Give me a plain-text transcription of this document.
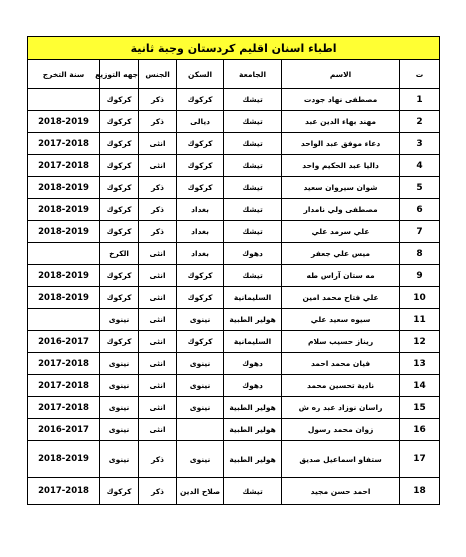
اطباء اسنان اقليم كردستان وجبة ثانية						
ت	الاسم	الجامعة	السكن	الجنس	جهه التوزيع	سنة التخرج
1	مصطفى نهاد جودت	تيشك	كركوك	ذكر	كركوك	
2	مهند بهاء الدين عبد	تيشك	ديالى	ذكر	كركوك	2018-2019
3	دعاء موفق عبد الواحد	تيشك	كركوك	انثى	كركوك	2017-2018
4	داليا عبد الحكيم واحد	تيشك	كركوك	انثى	كركوك	2017-2018
5	شوان سيروان سعيد	تيشك	كركوك	ذكر	كركوك	2018-2019
6	مصطفى ولي نامدار	تيشك	بغداد	ذكر	كركوك	2018-2019
7	علي سرمد علي	تيشك	بغداد	ذكر	كركوك	2018-2019
8	ميس علي جعفر	دهوك	بغداد	انثى	الكرخ	
9	مه ستان آراس طه	تيشك	كركوك	انثى	كركوك	2018-2019
10	علي فتاح محمد امين	السليمانية	كركوك	انثى	كركوك	2018-2019
11	سيوه سعيد علي	هولير الطبية	نينوى	انثى	نينوى	
12	ريناز حسيب سلام	السليمانية	كركوك	انثى	كركوك	2016-2017
13	فيان محمد احمد	دهوك	نينوى	انثى	نينوى	2017-2018
14	نادية تحسين محمد	دهوك	نينوى	انثى	نينوى	2017-2018
15	راسان نوزاد عبد ره ش	هولير الطبية	نينوى	انثى	نينوى	2017-2018
16	زوان محمد رسول	هولير الطبية		انثى	نينوى	2016-2017
17	ستفاو اسماعيل صديق	هولير الطبية	نينوى	ذكر	نينوى	2018-2019
18	احمد حسن مجيد	تيشك	صلاح الدين	ذكر	كركوك	2017-2018
